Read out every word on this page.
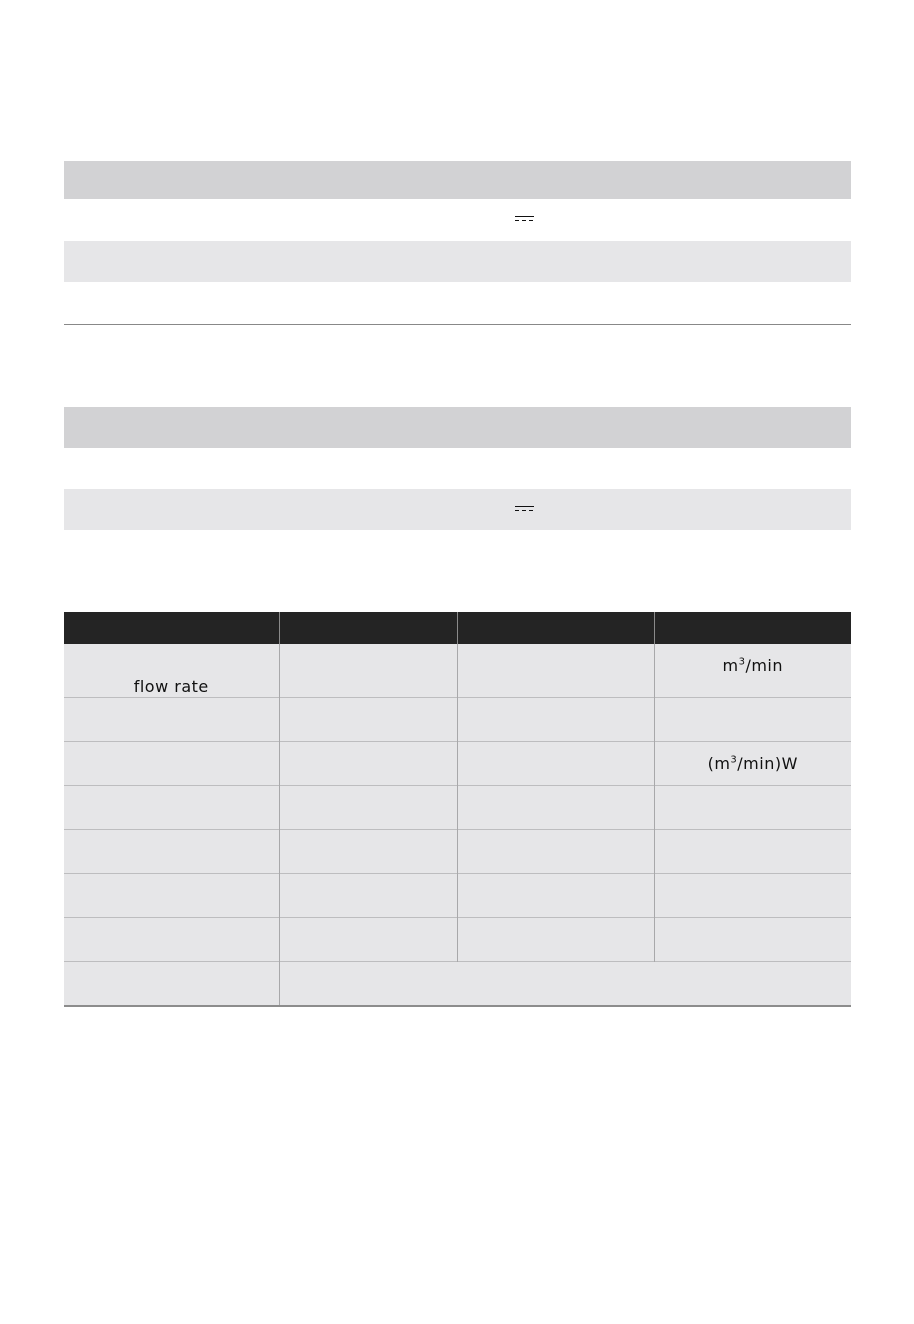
flow rate			$m^3/\min$

			$(m^3/\min)W$
